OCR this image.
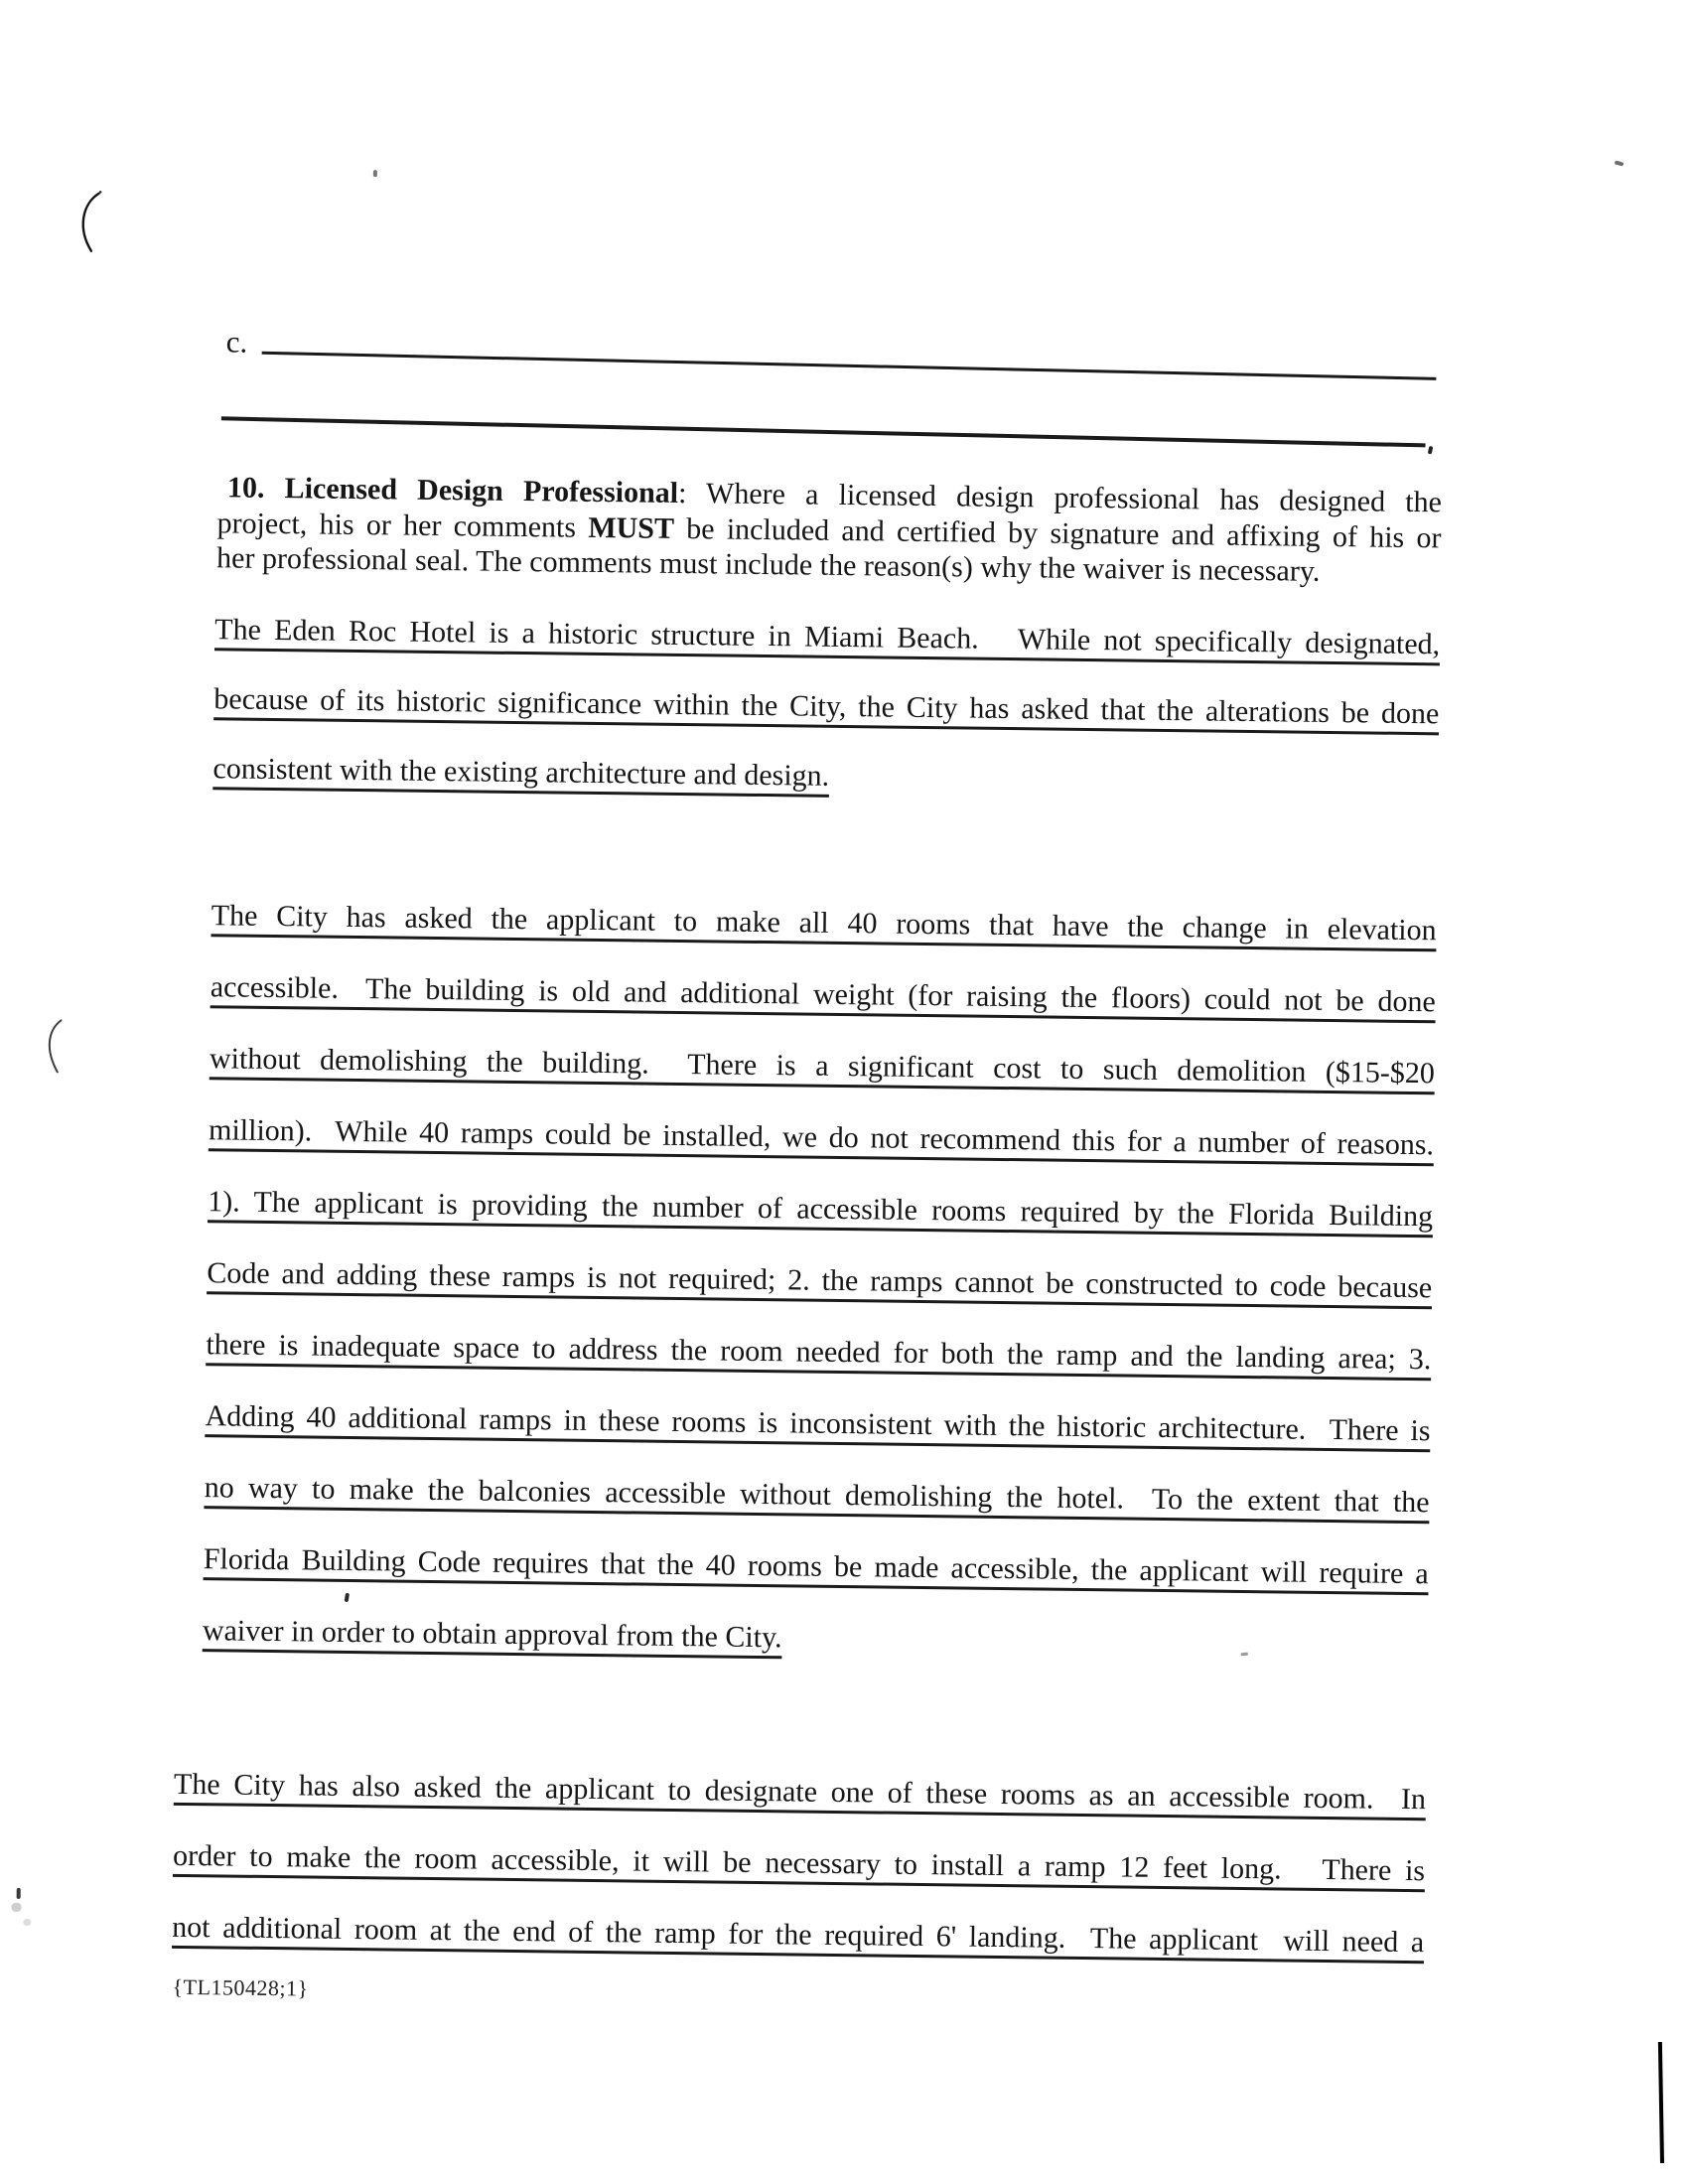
c.
10. Licensed Design Professional: Where a licensed design professional has designed the
project, his or her comments MUST be included and certified by signature and affixing of his or
her professional seal. The comments must include the reason(s) why the waiver is necessary.
The Eden Roc Hotel is a historic structure in Miami Beach.   While not specifically designated,
because of its historic significance within the City, the City has asked that the alterations be done
consistent with the existing architecture and design.
The City has asked the applicant to make all 40 rooms that have the change in elevation
accessible.  The building is old and additional weight (for raising the floors) could not be done
without demolishing the building.  There is a significant cost to such demolition ($15-$20
million).  While 40 ramps could be installed, we do not recommend this for a number of reasons.
1). The applicant is providing the number of accessible rooms required by the Florida Building
Code and adding these ramps is not required; 2. the ramps cannot be constructed to code because
there is inadequate space to address the room needed for both the ramp and the landing area; 3.
Adding 40 additional ramps in these rooms is inconsistent with the historic architecture.  There is
no way to make the balconies accessible without demolishing the hotel.  To the extent that the
Florida Building Code requires that the 40 rooms be made accessible, the applicant will require a
waiver in order to obtain approval from the City.
The City has also asked the applicant to designate one of these rooms as an accessible room.  In
order to make the room accessible, it will be necessary to install a ramp 12 feet long.   There is
not additional room at the end of the ramp for the required 6' landing.  The applicant  will need a
{TL150428;1}
